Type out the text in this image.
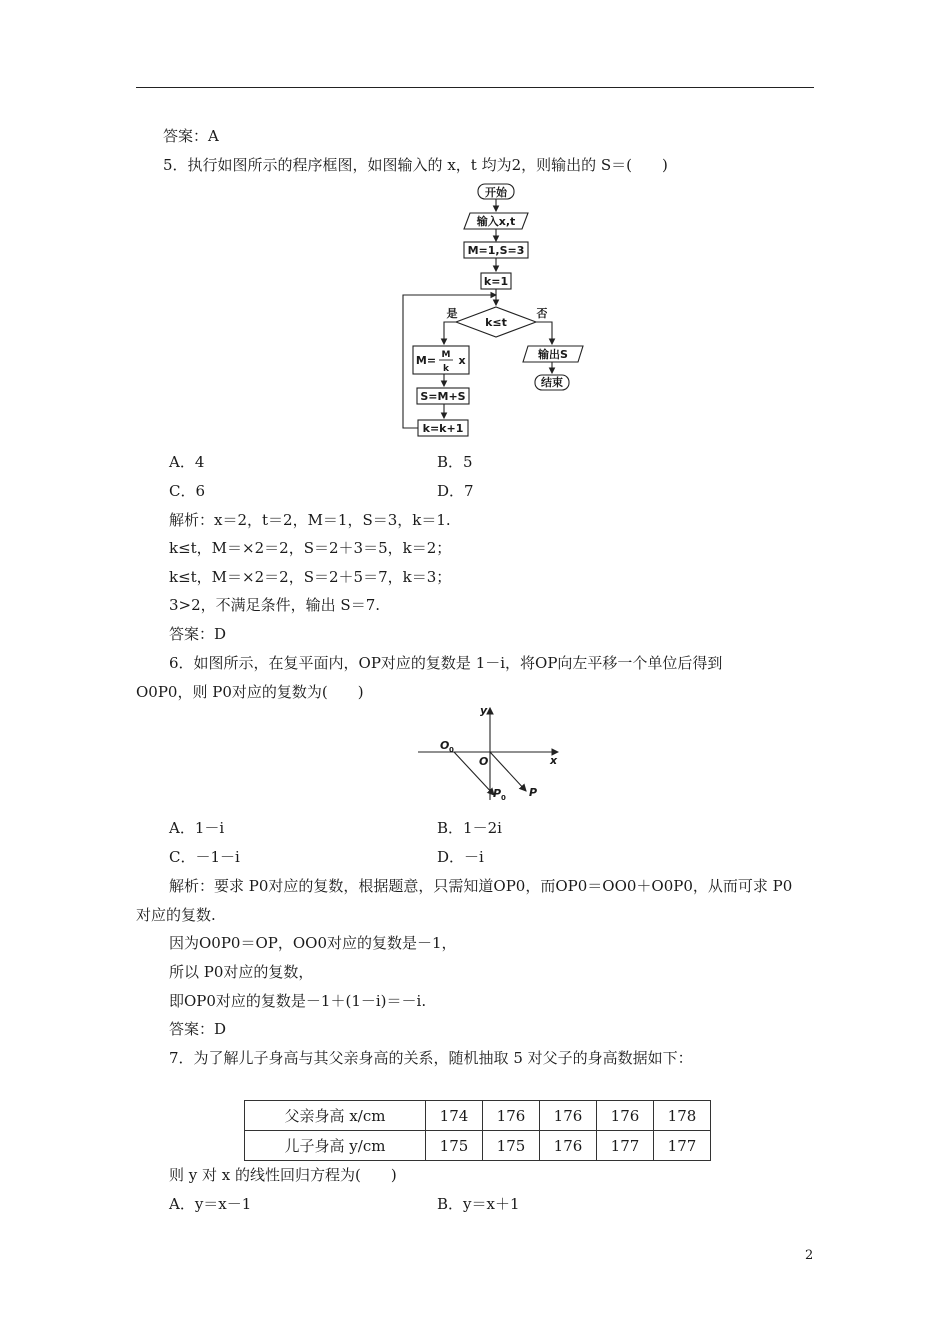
答案：A
5．执行如图所示的程序框图，如图输入的 x，t 均为2，则输出的 S＝(　　)
开始
输入x,t
M=1,S=3
k=1
k≤t
是	否
M= M
k
x
S=M+S
k=k+1
输出S
结束
A．4	B．5
C．6	D．7
解析：x＝2，t＝2，M＝1，S＝3，k＝1.
k≤t，M＝×2＝2，S＝2＋3＝5，k＝2；
k≤t，M＝×2＝2，S＝2＋5＝7，k＝3；
3>2，不满足条件，输出 S＝7.
答案：D
6．如图所示，在复平面内，OP对应的复数是 1－i，将OP向左平移一个单位后得到
O0P0，则 P0对应的复数为(　　)
y
x
O 0
O
P 0 P
A．1－i	B．1－2i
C．－1－i	D．－i
解析：要求 P0对应的复数，根据题意，只需知道OP0，而OP0＝OO0＋O0P0，从而可求 P0
对应的复数.
因为O0P0＝OP，OO0对应的复数是－1，
所以 P0对应的复数，
即OP0对应的复数是－1＋(1－i)＝－i.
答案：D
7．为了解儿子身高与其父亲身高的关系，随机抽取 5 对父子的身高数据如下：
父亲身高 x/cm	174	176	176	176	178
儿子身高 y/cm	175	175	176	177	177
则 y 对 x 的线性回归方程为(　　)
A．y＝x－1	B．y＝x＋1
2
